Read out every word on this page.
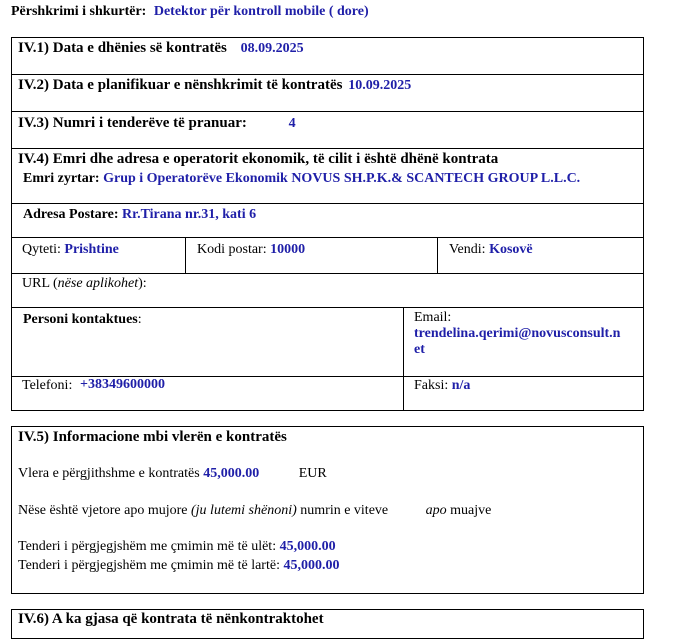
Përshkrimi i shkurtër: Detektor për kontroll mobile ( dore)
IV.1) Data e dhënies së kontratës 08.09.2025
IV.2) Data e planifikuar e nënshkrimit të kontratës 10.09.2025
IV.3) Numri i tenderëve të pranuar:	4
IV.4) Emri dhe adresa e operatorit ekonomik, të cilit i është dhënë kontrata
Emri zyrtar: Grup i Operatorëve Ekonomik NOVUS SH.P.K.& SCANTECH GROUP L.L.C.
Adresa Postare: Rr.Tirana nr.31, kati 6
Qyteti: Prishtine	Kodi postar: 10000	Vendi: Kosovë
URL (nëse aplikohet):
Personi kontaktues:	Email:
trendelina.qerimi@novusconsult.n
et
Telefoni: +38349600000	Faksi: n/a
IV.5) Informacione mbi vlerën e kontratës
Vlera e përgjithshme e kontratës 45,000.00	EUR
Nëse është vjetore apo mujore (ju lutemi shënoni) numrin e viteve	apo muajve
Tenderi i përgjegjshëm me çmimin më të ulët: 45,000.00
Tenderi i përgjegjshëm me çmimin më të lartë: 45,000.00
IV.6) A ka gjasa që kontrata të nënkontraktohet
